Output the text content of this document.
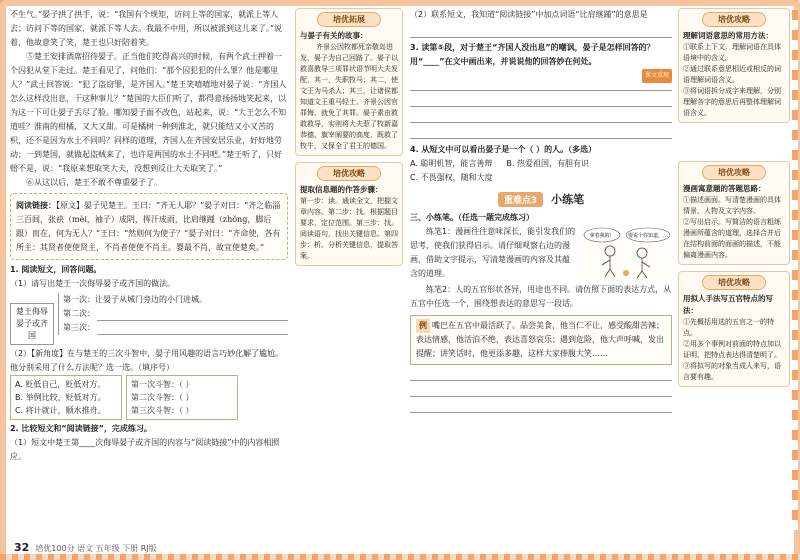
不生气。”晏子拱了拱手，说：“我国有个规矩，访问上等的国家，就派上等人去；访问下等的国家，就派下等人去。我最不中用，所以被派到这儿来了。”说着，他故意笑了笑，楚王也只好陪着笑。

⑤楚王安排酒席招待晏子。正当他们吃得高兴的时候，有两个武士押着一个囚犯从堂下走过。楚王看见了，问他们：“那个囚犯犯的什么罪？他是哪里人？”武士回答说：“犯了盗窃罪，是齐国人。”楚王笑嘻嘻地对晏子说：“齐国人怎么这样没出息，干这种事儿？”楚国的大臣们听了，都得意扬扬地笑起来，以为这一下可让晏子丢尽了脸。哪知晏子面不改色，站起来，说：“大王怎么不知道哇？淮南的柑橘，又大又甜。可是橘树一种到淮北，就只能结又小又苦的枳，还不是因为水土不同吗？同样的道理，齐国人在齐国安居乐业，好好地劳动；一到楚国，就做起盗贼来了，也许是两国的水土不同吧。”楚王听了，只好赔不是，说：“我原来想取笑大夫，没想到反让大夫取笑了。”

⑥从这以后，楚王不敢不尊重晏子了。

阅读链接：【原文】晏子见楚王。王曰：“齐无人耶？”晏子对曰：“齐之临淄三百闾，张袂（mèi，袖子）成阴，挥汗成雨，比肩继踵（zhǒng，脚后跟）而在，何为无人？”王曰：“然则何为使子？”晏子对曰：“齐命使，各有所主：其贤者使使贤主，不肖者使使不肖主。婴最不肖，故宜使楚矣。”

1. 阅读短文，回答问题。
（1）请写出楚王一次侮辱晏子或齐国的做法。
楚王侮辱晏子或齐国
第一次：让晏子从城门旁边的小门进城。
第二次：
第三次：
（2）【新角度】在与楚王的三次斗智中，晏子用风趣的语言巧妙化解了尴尬。他分别采用了什么方法呢？选一选。（填序号）
A. 贬低自己，贬低对方。
B. 举例比较，贬低对方。
C. 将计就计，顺水推舟。
第一次斗智：（ ）
第二次斗智：（ ）
第三次斗智：（ ）
2. 比较短文和“阅读链接”，完成练习。
（1）短文中楚王第____次侮辱晏子或齐国的内容与“阅读链接”中的内容相照应。
培优拓展
与晏子有关的故事：

齐景公因牧都死亲敬岛进发，晏子为自己回路了。晏子以救喜教导三项罪状语节明大夫发配，其一，失职牧马；其二，使文王为马杀人；其三，让诸侯都知道文王重马轻士。齐景公因官罪悔，就免了其罪。晏子素由救敢救导，实则将大夫惹了牧新嘉恭德，旗宰阐要的高度，既救了牧牛，又保全了君王的德国。

培优攻略
提取信息题的作答步骤：

第一步：读。通读全文，把握文章内容。第二步：找。根据题目要求，定位范围。第三步：找。阅读语句，找出关键信息。第四步：析。分析关键信息，提取答案。

（2）联系短文，我知道“阅读链接”中加点词语“比肩继踵”的意思是
3. 读第⑤段，对于楚王“齐国人没出息”的嘲讽，晏子是怎样回答的？用“____”在文中画出来，并说说他的回答妙在何处。
课文重现
4. 从短文中可以看出晏子是一个（ ）的人。（多选）
A. 聪明机智，能言善辩 B. 热爱祖国，有胆有识
C. 不畏强权，随和大度
重难点3	小练笔
三、小练笔。（任选一题完成练习）
拿着我的！	要说个你知道，…
练笔1：漫画往往意味深长，能引发我们的思考，使我们获得启示。请仔细观察右边的漫画，借助文字提示，写清楚漫画的内容及其蕴含的道理。
练笔2：人的五官形状各异，用途也不同。请仿照下面的表达方式，从五官中任选一个，围绕想表达的意思写一段话。
例 嘴巴在五官中最活跃了。品尝美食，他当仁不让，感受酸甜苦辣；表达情感，他活泊不绝，表达喜怒哀乐；遇到危险，他大声呼喊，发出提醒；讲笑话时，他更添多趣，这样大家捧腹大笑……
培优攻略
理解词语意思的常用方法：

①联系上下文，理解词语在具体语境中的含义。

②通过联系意思相近或相反的词语理解词语含义。

③将词语拆分成字来理解，分别理解各字的意思后再整体理解词语含义。

培优攻略
漫画寓意题的答题思路：

①描述画面。写清楚漫画的具体情景，人物及文字内容。

②写出启示。写简洁的语言粗练漫画所蕴含的道理，选择合并后在结构前面的面画的描述，不能偏离漫画内容。

培优攻略
用拟人手法写五官特点的写法：

①先概括用选的五官之一的特点。

②用多个事例对前面的特点加以证明，把特点表达得清楚明了。

③将拟写的对象当成人来写，语言要有趣。

32 培优100分 语文 五年级 下册 RJ版
